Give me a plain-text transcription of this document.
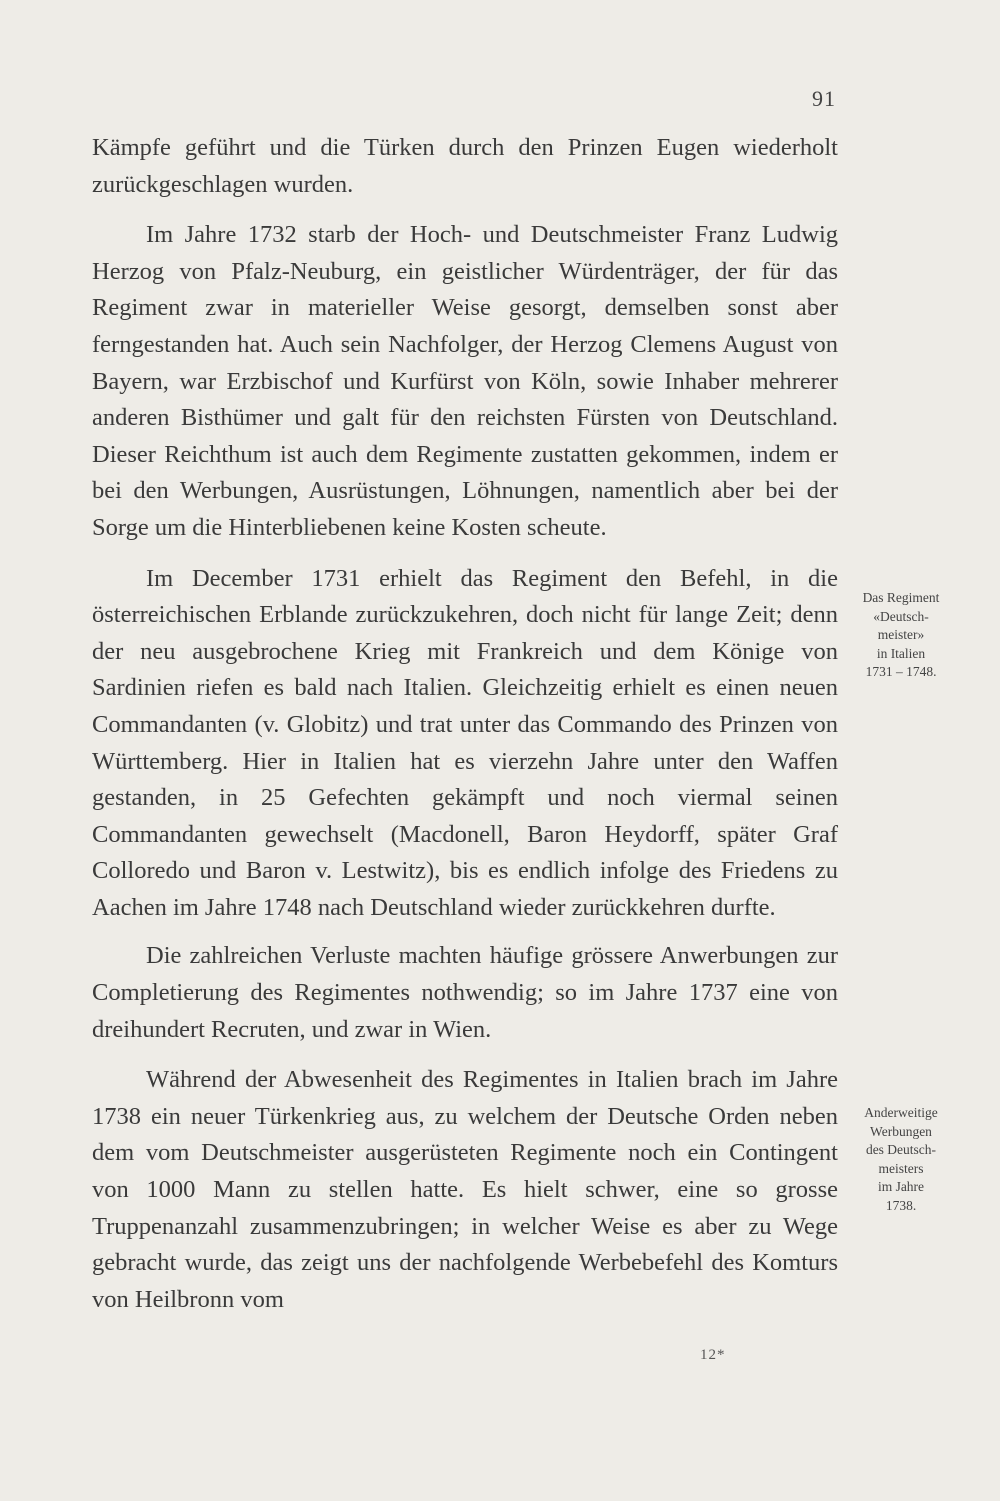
91

Kämpfe geführt und die Türken durch den Prinzen Eugen wiederholt zurückgeschlagen wurden.

Im Jahre 1732 starb der Hoch- und Deutschmeister Franz Ludwig Herzog von Pfalz-Neuburg, ein geistlicher Würdenträger, der für das Regiment zwar in materieller Weise gesorgt, demselben sonst aber ferngestanden hat. Auch sein Nachfolger, der Herzog Clemens August von Bayern, war Erzbischof und Kurfürst von Köln, sowie Inhaber mehrerer anderen Bisthümer und galt für den reichsten Fürsten von Deutschland. Dieser Reichthum ist auch dem Regimente zustatten gekommen, indem er bei den Werbungen, Ausrüstungen, Löhnungen, namentlich aber bei der Sorge um die Hinterbliebenen keine Kosten scheute.

Im December 1731 erhielt das Regiment den Befehl, in die österreichischen Erblande zurückzukehren, doch nicht für lange Zeit; denn der neu ausgebrochene Krieg mit Frankreich und dem Könige von Sardinien riefen es bald nach Italien. Gleichzeitig erhielt es einen neuen Commandanten (v. Globitz) und trat unter das Commando des Prinzen von Württemberg. Hier in Italien hat es vierzehn Jahre unter den Waffen gestanden, in 25 Gefechten gekämpft und noch viermal seinen Commandanten gewechselt (Macdonell, Baron Heydorff, später Graf Colloredo und Baron v. Lestwitz), bis es endlich infolge des Friedens zu Aachen im Jahre 1748 nach Deutschland wieder zurückkehren durfte.

Die zahlreichen Verluste machten häufige grössere Anwerbungen zur Completierung des Regimentes nothwendig; so im Jahre 1737 eine von dreihundert Recruten, und zwar in Wien.

Während der Abwesenheit des Regimentes in Italien brach im Jahre 1738 ein neuer Türkenkrieg aus, zu welchem der Deutsche Orden neben dem vom Deutschmeister ausgerüsteten Regimente noch ein Contingent von 1000 Mann zu stellen hatte. Es hielt schwer, eine so grosse Truppenanzahl zusammenzubringen; in welcher Weise es aber zu Wege gebracht wurde, das zeigt uns der nachfolgende Werbebefehl des Komturs von Heilbronn vom

Das Regiment
«Deutsch-
meister»
in Italien
1731 – 1748.
Anderweitige
Werbungen
des Deutsch-
meisters
im Jahre
1738.
12*
